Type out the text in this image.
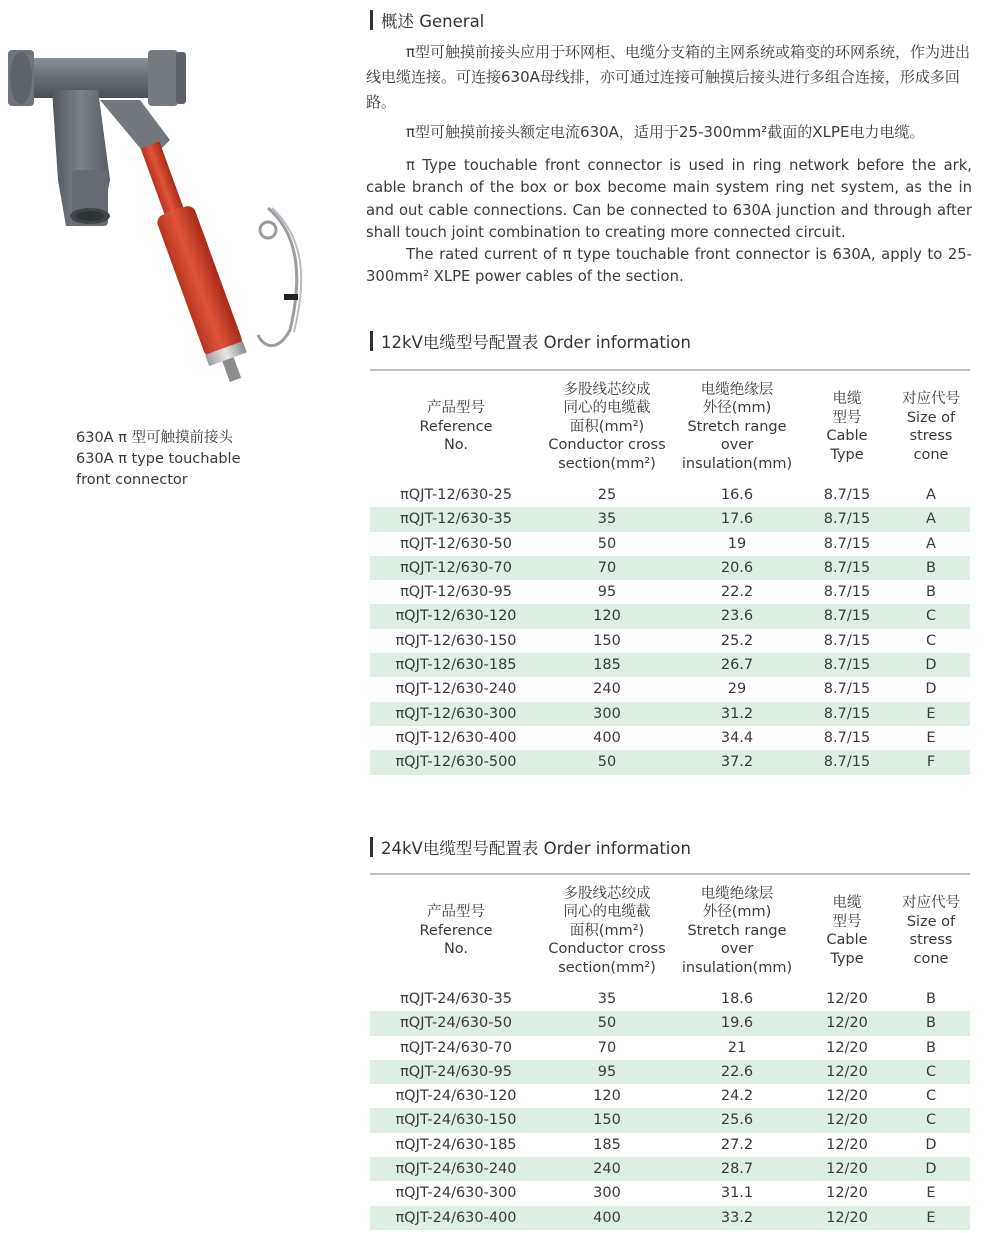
630A π 型可触摸前接头
630A π type touchable
front connector
概述 General

π型可触摸前接头应用于环网柜、电缆分支箱的主网系统或箱变的环网系统，作为进出线电缆连接。可连接630A母线排，亦可通过连接可触摸后接头进行多组合连接，形成多回路。

π型可触摸前接头额定电流630A，适用于25-300mm²截面的XLPE电力电缆。

π Type touchable front connector is used in ring network before the ark, cable branch of the box or box become main system ring net system, as the in and out cable connections. Can be connected to 630A junction and through after shall touch joint combination to creating more connected circuit.

The rated current of π type touchable front connector is 630A, apply to 25-300mm² XLPE power cables of the section.

12kV电缆型号配置表 Order information
产品型号
Reference
No.
多股线芯绞成
同心的电缆截
面积(mm²)
Conductor cross
section(mm²)
电缆绝缘层
外径(mm)
Stretch range
over
insulation(mm)
电缆
型号
Cable
Type
对应代号
Size of
stress
cone
πQJT-12/630-25	25	16.6	8.7/15	A
πQJT-12/630-35	35	17.6	8.7/15	A
πQJT-12/630-50	50	19	8.7/15	A
πQJT-12/630-70	70	20.6	8.7/15	B
πQJT-12/630-95	95	22.2	8.7/15	B
πQJT-12/630-120	120	23.6	8.7/15	C
πQJT-12/630-150	150	25.2	8.7/15	C
πQJT-12/630-185	185	26.7	8.7/15	D
πQJT-12/630-240	240	29	8.7/15	D
πQJT-12/630-300	300	31.2	8.7/15	E
πQJT-12/630-400	400	34.4	8.7/15	E
πQJT-12/630-500	50	37.2	8.7/15	F
24kV电缆型号配置表 Order information
产品型号
Reference
No.
多股线芯绞成
同心的电缆截
面积(mm²)
Conductor cross
section(mm²)
电缆绝缘层
外径(mm)
Stretch range
over
insulation(mm)
电缆
型号
Cable
Type
对应代号
Size of
stress
cone
πQJT-24/630-35	35	18.6	12/20	B
πQJT-24/630-50	50	19.6	12/20	B
πQJT-24/630-70	70	21	12/20	B
πQJT-24/630-95	95	22.6	12/20	C
πQJT-24/630-120	120	24.2	12/20	C
πQJT-24/630-150	150	25.6	12/20	C
πQJT-24/630-185	185	27.2	12/20	D
πQJT-24/630-240	240	28.7	12/20	D
πQJT-24/630-300	300	31.1	12/20	E
πQJT-24/630-400	400	33.2	12/20	E
